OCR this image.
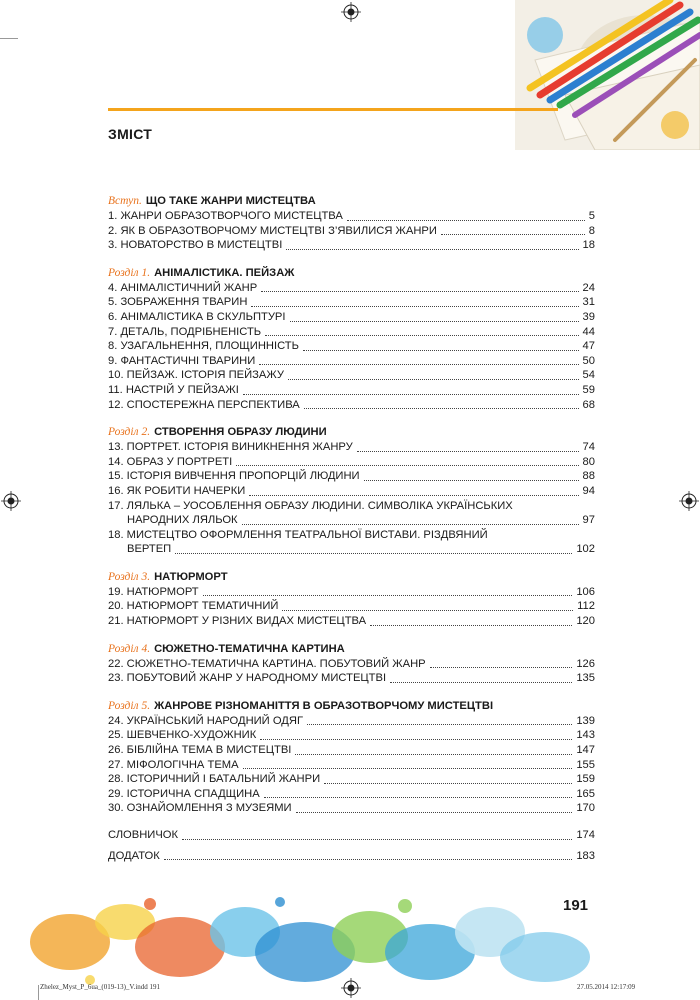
ЗМІСТ
Вступ. ЩО ТАКЕ ЖАНРИ МИСТЕЦТВА
1. ЖАНРИ ОБРАЗОТВОРЧОГО МИСТЕЦТВА	5
2. ЯК В ОБРАЗОТВОРЧОМУ МИСТЕЦТВІ З’ЯВИЛИСЯ ЖАНРИ	8
3. НОВАТОРСТВО В МИСТЕЦТВІ	18
Розділ 1. АНІМАЛІСТИКА. ПЕЙЗАЖ
4. АНІМАЛІСТИЧНИЙ ЖАНР	24
5. ЗОБРАЖЕННЯ ТВАРИН	31
6. АНІМАЛІСТИКА В СКУЛЬПТУРІ	39
7. ДЕТАЛЬ, ПОДРІБНЕНІСТЬ	44
8. УЗАГАЛЬНЕННЯ, ПЛОЩИННІСТЬ	47
9. ФАНТАСТИЧНІ ТВАРИНИ	50
10. ПЕЙЗАЖ. ІСТОРІЯ ПЕЙЗАЖУ	54
11. НАСТРІЙ У ПЕЙЗАЖІ	59
12. СПОСТЕРЕЖНА ПЕРСПЕКТИВА	68
Розділ 2. СТВОРЕННЯ ОБРАЗУ ЛЮДИНИ
13. ПОРТРЕТ. ІСТОРІЯ ВИНИКНЕННЯ ЖАНРУ	74
14. ОБРАЗ У ПОРТРЕТІ	80
15. ІСТОРІЯ ВИВЧЕННЯ ПРОПОРЦІЙ ЛЮДИНИ	88
16. ЯК РОБИТИ НАЧЕРКИ	94
17. ЛЯЛЬКА – УОСОБЛЕННЯ ОБРАЗУ ЛЮДИНИ. СИМВОЛІКА УКРАЇНСЬКИХ
НАРОДНИХ ЛЯЛЬОК	97
18. МИСТЕЦТВО ОФОРМЛЕННЯ ТЕАТРАЛЬНОЇ ВИСТАВИ. РІЗДВЯНИЙ
ВЕРТЕП	102
Розділ 3. НАТЮРМОРТ
19. НАТЮРМОРТ	106
20. НАТЮРМОРТ ТЕМАТИЧНИЙ	112
21. НАТЮРМОРТ У РІЗНИХ ВИДАХ МИСТЕЦТВА	120
Розділ 4. СЮЖЕТНО-ТЕМАТИЧНА КАРТИНА
22. СЮЖЕТНО-ТЕМАТИЧНА КАРТИНА. ПОБУТОВИЙ ЖАНР	126
23. ПОБУТОВИЙ ЖАНР У НАРОДНОМУ МИСТЕЦТВІ	135
Розділ 5. ЖАНРОВЕ РІЗНОМАНІТТЯ В ОБРАЗОТВОРЧОМУ МИСТЕЦТВІ
24. УКРАЇНСЬКИЙ НАРОДНИЙ ОДЯГ	139
25. ШЕВЧЕНКО-ХУДОЖНИК	143
26. БІБЛІЙНА ТЕМА В МИСТЕЦТВІ	147
27. МІФОЛОГІЧНА ТЕМА	155
28. ІСТОРИЧНИЙ І БАТАЛЬНИЙ ЖАНРИ	159
29. ІСТОРИЧНА СПАДЩИНА	165
30. ОЗНАЙОМЛЕННЯ З МУЗЕЯМИ	170
СЛОВНИЧОК	174
ДОДАТОК	183
191
Zhelez_Myst_P_6ua_(019-13)_V.indd 191	27.05.2014 12:17:09
